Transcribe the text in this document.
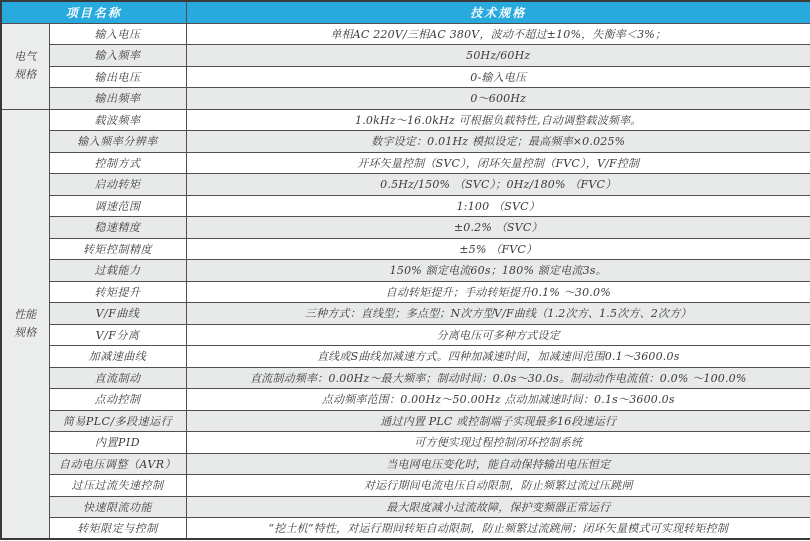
项目名称		技术规格
电气规格	输入电压	单相AC 220V/三相AC 380V，波动不超过±10%，失衡率＜3%；
	输入频率	50Hz/60Hz
	输出电压	0-输入电压
	输出频率	0～600Hz
性能规格	载波频率	1.0kHz～16.0kHz 可根据负载特性,自动调整载波频率。
	输入频率分辨率	数字设定：0.01Hz 模拟设定；最高频率×0.025%
	控制方式	开环矢量控制（SVC），闭环矢量控制（FVC），V/F控制
	启动转矩	0.5Hz/150% （SVC）；0Hz/180% （FVC）
	调速范围	1:100 （SVC）
	稳速精度	±0.2% （SVC）
	转矩控制精度	±5% （FVC）
	过载能力	150% 额定电流60s；180% 额定电流3s。
	转矩提升	自动转矩提升；手动转矩提升0.1% ～30.0%
	V/F曲线	三种方式：直线型；多点型；N次方型V/F曲线（1.2次方、1.5次方、2次方）
	V/F分离	分离电压可多种方式设定
	加减速曲线	直线或S曲线加减速方式。四种加减速时间，加减速间范围0.1～3600.0s
	直流制动	直流制动频率：0.00Hz～最大频率；制动时间：0.0s～30.0s。制动动作电流值：0.0% ～100.0%
	点动控制	点动频率范围：0.00Hz～50.00Hz 点动加减速时间：0.1s～3600.0s
	简易PLC/多段速运行	通过内置 PLC 或控制端子实现最多16段速运行
	内置PID	可方便实现过程控制闭环控制系统
	自动电压调整（AVR）	当电网电压变化时，能自动保持输出电压恒定
	过压过流失速控制	对运行期间电流电压自动限制，防止频繁过流过压跳闸
	快速限流功能	最大限度减小过流故障，保护变频器正常运行
	转矩限定与控制	“挖土机”特性，对运行期间转矩自动限制，防止频繁过流跳闸；闭环矢量模式可实现转矩控制
